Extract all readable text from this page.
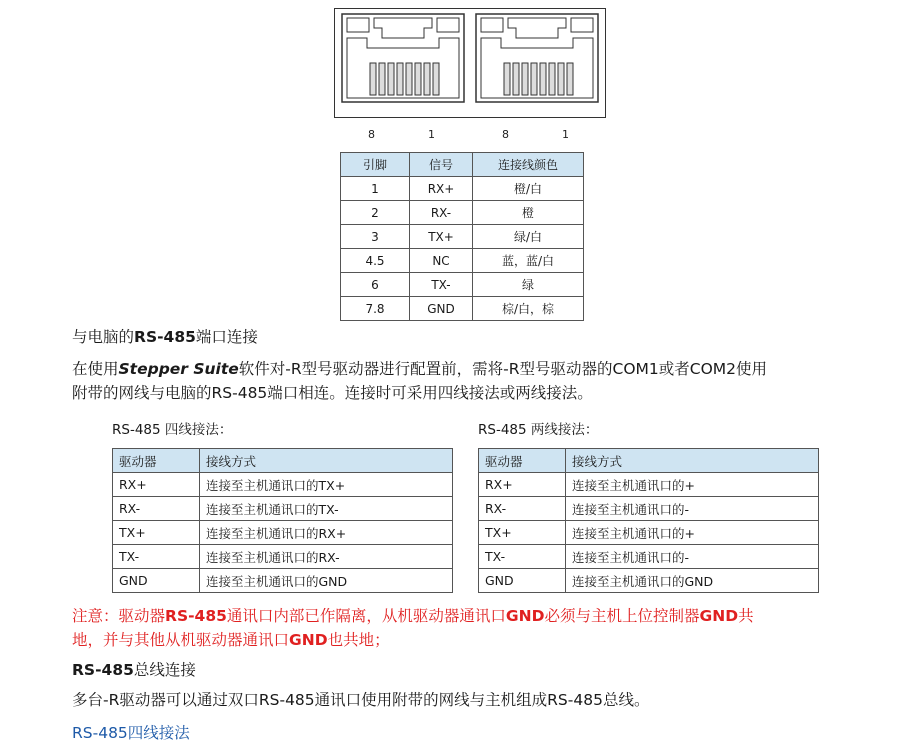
8	1	8	1
引脚	信号	连接线颜色
1	RX+	橙/白
2	RX-	橙
3	TX+	绿/白
4.5	NC	蓝，蓝/白
6	TX-	绿
7.8	GND	棕/白，棕
与电脑的RS-485端口连接
在使用Stepper Suite软件对-R型号驱动器进行配置前，需将-R型号驱动器的COM1或者COM2使用
附带的网线与电脑的RS-485端口相连。连接时可采用四线接法或两线接法。
RS-485 四线接法：
驱动器	接线方式
RX+	连接至主机通讯口的TX+
RX-	连接至主机通讯口的TX-
TX+	连接至主机通讯口的RX+
TX-	连接至主机通讯口的RX-
GND	连接至主机通讯口的GND
RS-485 两线接法：
驱动器	接线方式
RX+	连接至主机通讯口的+
RX-	连接至主机通讯口的-
TX+	连接至主机通讯口的+
TX-	连接至主机通讯口的-
GND	连接至主机通讯口的GND
注意：驱动器RS-485通讯口内部已作隔离，从机驱动器通讯口GND必须与主机上位控制器GND共
地，并与其他从机驱动器通讯口GND也共地；
RS-485总线连接
多台-R驱动器可以通过双口RS-485通讯口使用附带的网线与主机组成RS-485总线。
RS-485四线接法
